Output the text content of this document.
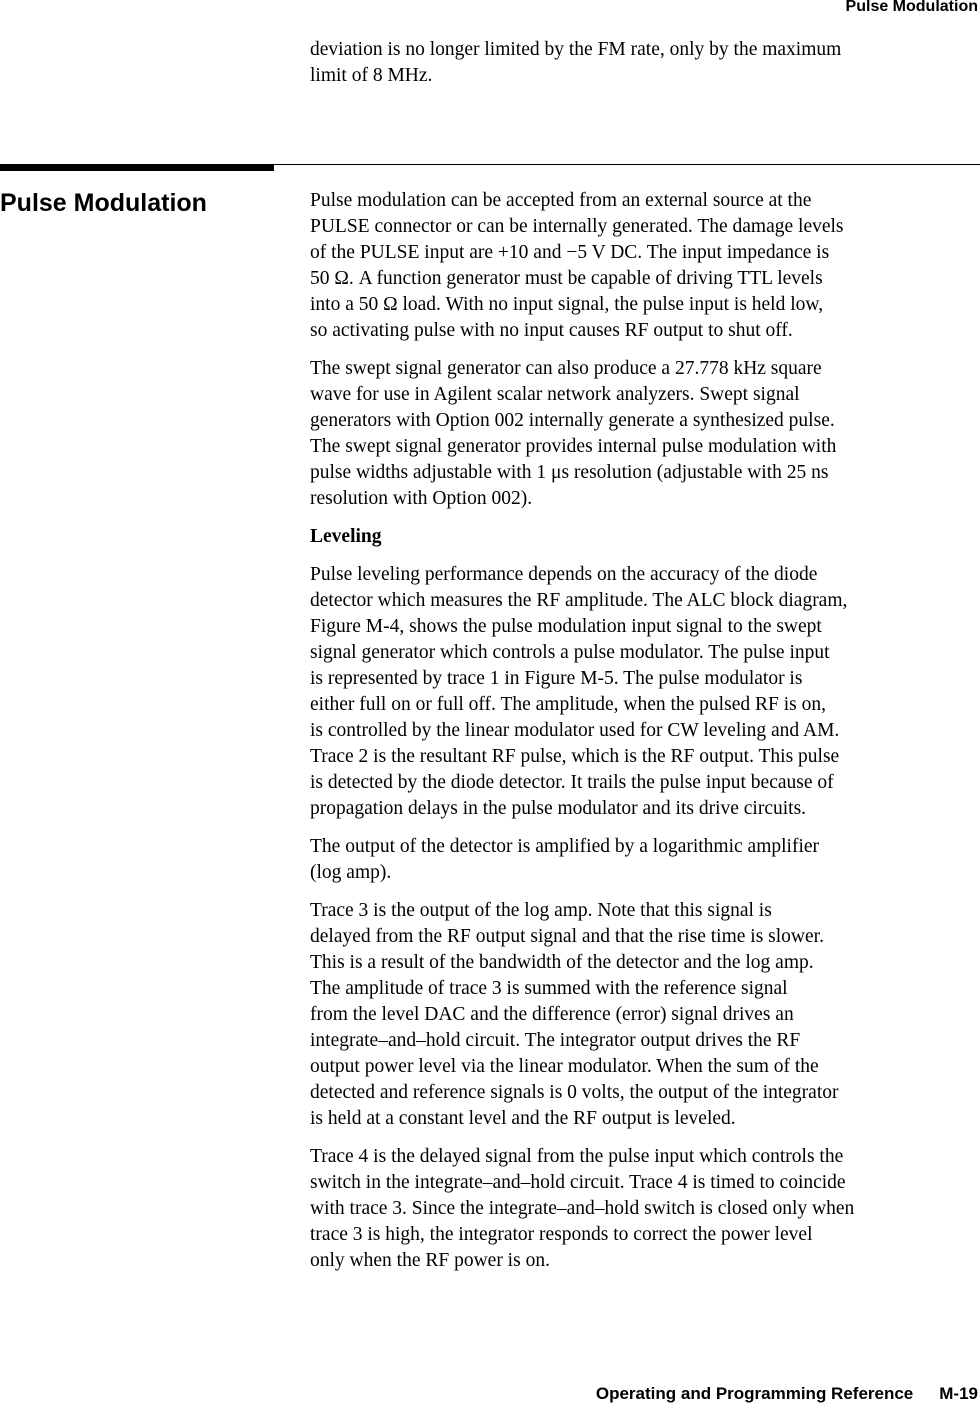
Pulse Modulation
deviation is no longer limited by the FM rate, only by the maximum
limit of 8 MHz.
Pulse Modulation	Pulse modulation can be accepted from an external source at the
PULSE connector or can be internally generated. The damage levels
of the PULSE input are +10 and −5 V DC. The input impedance is
50 Ω. A function generator must be capable of driving TTL levels
into a 50 Ω load. With no input signal, the pulse input is held low,
so activating pulse with no input causes RF output to shut off.

The swept signal generator can also produce a 27.778 kHz square
wave for use in Agilent scalar network analyzers. Swept signal
generators with Option 002 internally generate a synthesized pulse.
The swept signal generator provides internal pulse modulation with
pulse widths adjustable with 1 μs resolution (adjustable with 25 ns
resolution with Option 002).

Leveling

Pulse leveling performance depends on the accuracy of the diode
detector which measures the RF amplitude. The ALC block diagram,
Figure M-4, shows the pulse modulation input signal to the swept
signal generator which controls a pulse modulator. The pulse input
is represented by trace 1 in Figure M-5. The pulse modulator is
either full on or full off. The amplitude, when the pulsed RF is on,
is controlled by the linear modulator used for CW leveling and AM.
Trace 2 is the resultant RF pulse, which is the RF output. This pulse
is detected by the diode detector. It trails the pulse input because of
propagation delays in the pulse modulator and its drive circuits.

The output of the detector is amplified by a logarithmic amplifier
(log amp).

Trace 3 is the output of the log amp. Note that this signal is
delayed from the RF output signal and that the rise time is slower.
This is a result of the bandwidth of the detector and the log amp.
The amplitude of trace 3 is summed with the reference signal
from the level DAC and the difference (error) signal drives an
integrate–and–hold circuit. The integrator output drives the RF
output power level via the linear modulator. When the sum of the
detected and reference signals is 0 volts, the output of the integrator
is held at a constant level and the RF output is leveled.

Trace 4 is the delayed signal from the pulse input which controls the
switch in the integrate–and–hold circuit. Trace 4 is timed to coincide
with trace 3. Since the integrate–and–hold switch is closed only when
trace 3 is high, the integrator responds to correct the power level
only when the RF power is on.

Operating and Programming Reference M-19
